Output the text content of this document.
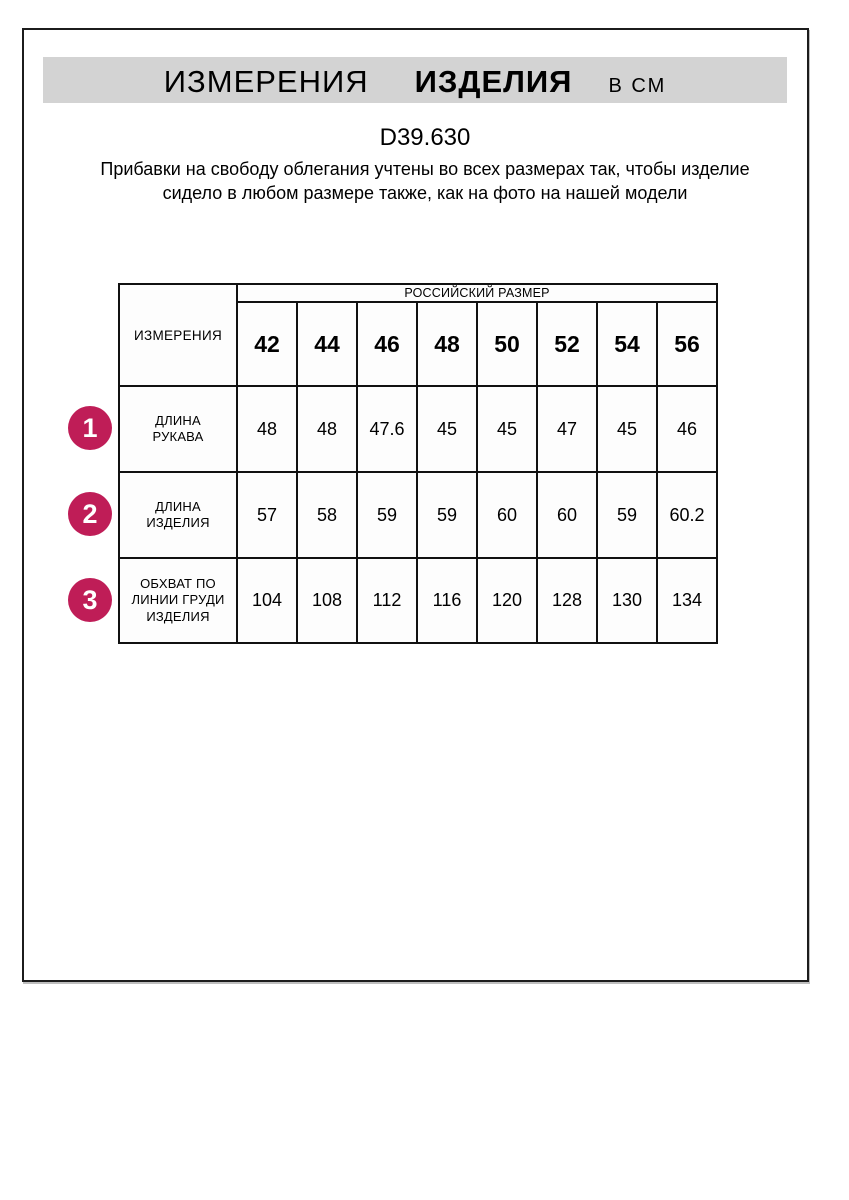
ИЗМЕРЕНИЯ ИЗДЕЛИЯ В СМ
D39.630
Прибавки на свободу облегания учтены во всех размерах так, чтобы изделие сидело в любом размере также, как на фото на нашей модели
ИЗМЕРЕНИЯ	РОССИЙСКИЙ РАЗМЕР							
	42	44	46	48	50	52	54	56
ДЛИНА РУКАВА	48	48	47.6	45	45	47	45	46
ДЛИНА ИЗДЕЛИЯ	57	58	59	59	60	60	59	60.2
ОБХВАТ ПО ЛИНИИ ГРУДИ ИЗДЕЛИЯ	104	108	112	116	120	128	130	134
1
2
3
